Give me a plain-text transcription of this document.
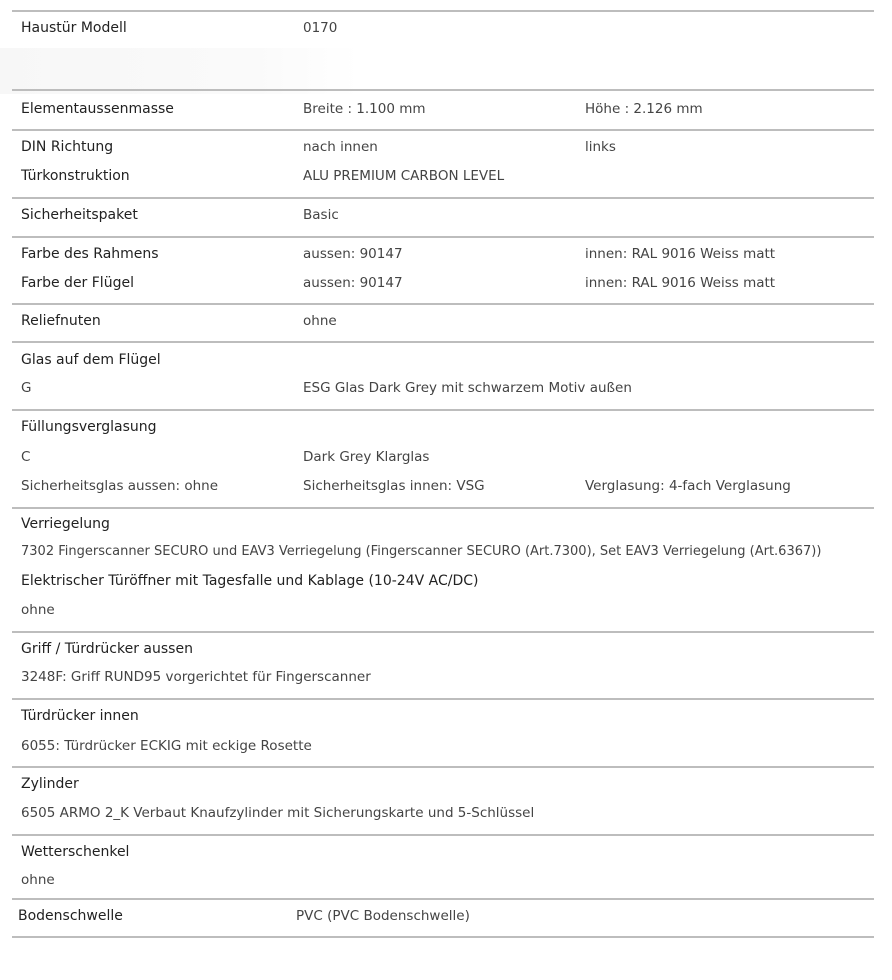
Haustür Modell	0170
Elementaussenmasse	Breite : 1.100 mm	Höhe : 2.126 mm
DIN Richtung	nach innen	links
Türkonstruktion	ALU PREMIUM CARBON LEVEL
Sicherheitspaket	Basic
Farbe des Rahmens	aussen: 90147	innen: RAL 9016 Weiss matt
Farbe der Flügel	aussen: 90147	innen: RAL 9016 Weiss matt
Reliefnuten	ohne
Glas auf dem Flügel
G	ESG Glas Dark Grey mit schwarzem Motiv außen
Füllungsverglasung
C	Dark Grey Klarglas
Sicherheitsglas aussen: ohne	Sicherheitsglas innen: VSG	Verglasung: 4-fach Verglasung
Verriegelung
7302 Fingerscanner SECURO und EAV3 Verriegelung (Fingerscanner SECURO (Art.7300), Set EAV3 Verriegelung (Art.6367))
Elektrischer Türöffner mit Tagesfalle und Kablage (10-24V AC/DC)
ohne
Griff / Türdrücker aussen
3248F: Griff RUND95 vorgerichtet für Fingerscanner
Türdrücker innen
6055: Türdrücker ECKIG mit eckige Rosette
Zylinder
6505 ARMO 2_K Verbaut Knaufzylinder mit Sicherungskarte und 5-Schlüssel
Wetterschenkel
ohne
Bodenschwelle	PVC (PVC Bodenschwelle)
